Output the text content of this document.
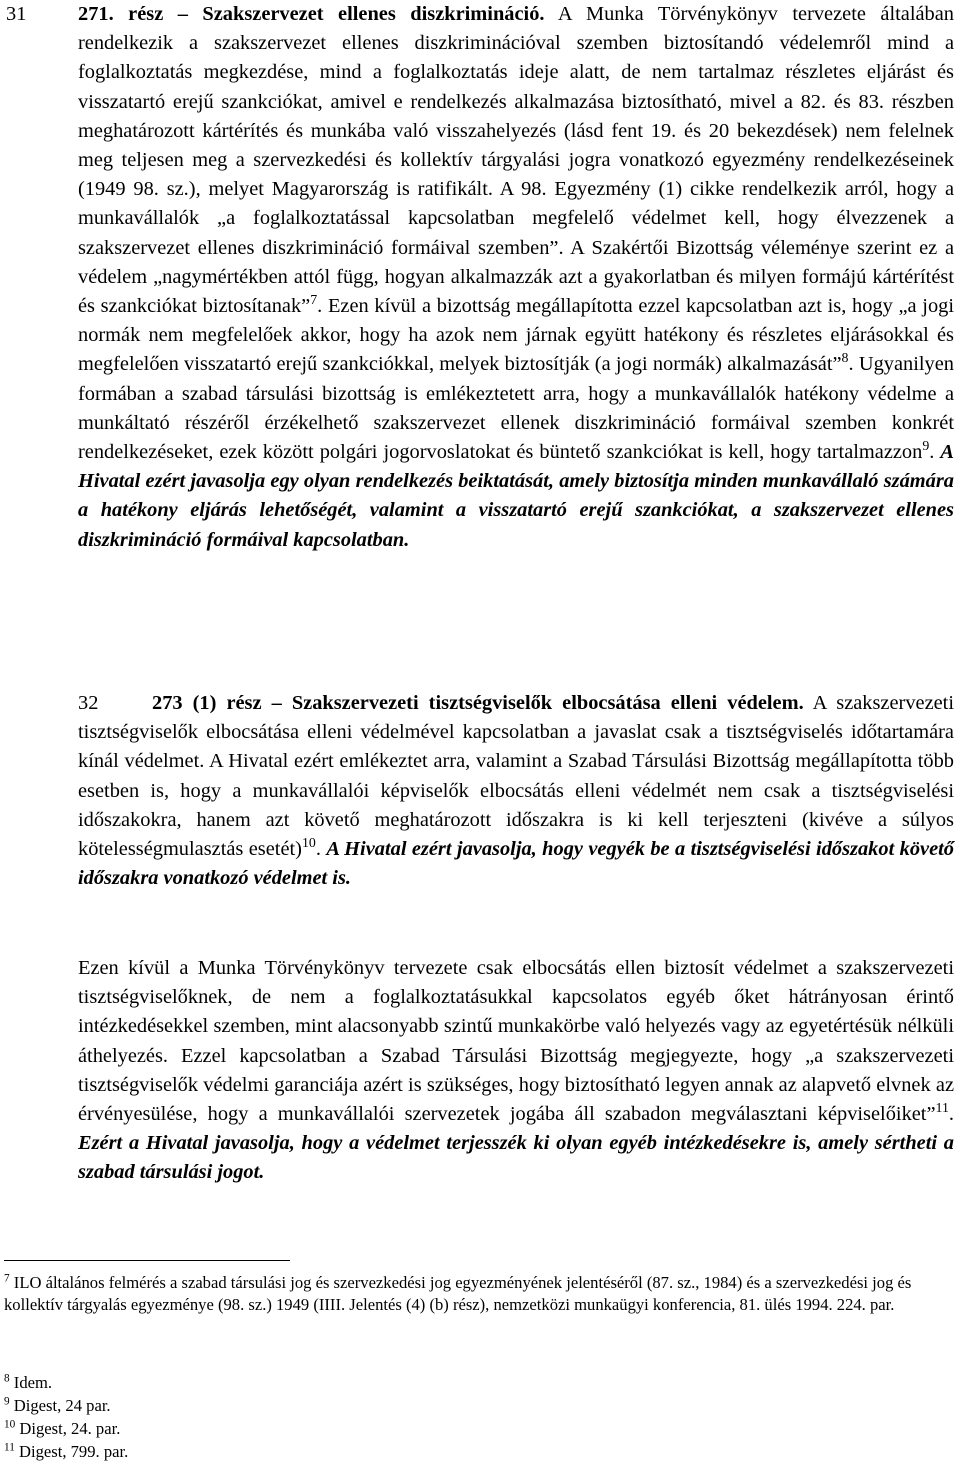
31	271. rész – Szakszervezet ellenes diszkrimináció. A Munka Törvénykönyv tervezete általában rendelkezik a szakszervezet ellenes diszkriminációval szemben biztosítandó védelemről mind a foglalkoztatás megkezdése, mind a foglalkoztatás ideje alatt, de nem tartalmaz részletes eljárást és visszatartó erejű szankciókat, amivel e rendelkezés alkalmazása biztosítható, mivel a 82. és 83. részben meghatározott kártérítés és munkába való visszahelyezés (lásd fent 19. és 20 bekezdések) nem felelnek meg teljesen meg a szervezkedési és kollektív tárgyalási jogra vonatkozó egyezmény rendelkezéseinek (1949 98. sz.), melyet Magyarország is ratifikált. A 98. Egyezmény (1) cikke rendelkezik arról, hogy a munkavállalók „a foglalkoztatással kapcsolatban megfelelő védelmet kell, hogy élvezzenek a szakszervezet ellenes diszkrimináció formáival szemben”. A Szakértői Bizottság véleménye szerint ez a védelem „nagymértékben attól függ, hogyan alkalmazzák azt a gyakorlatban és milyen formájú kártérítést és szankciókat biztosítanak”$^7$. Ezen kívül a bizottság megállapította ezzel kapcsolatban azt is, hogy „a jogi normák nem megfelelőek akkor, hogy ha azok nem járnak együtt hatékony és részletes eljárásokkal és megfelelően visszatartó erejű szankciókkal, melyek biztosítják (a jogi normák) alkalmazását”$^8$. Ugyanilyen formában a szabad társulási bizottság is emlékeztetett arra, hogy a munkavállalók hatékony védelme a munkáltató részéről érzékelhető szakszervezet ellenek diszkrimináció formáival szemben konkrét rendelkezéseket, ezek között polgári jogorvoslatokat és büntető szankciókat is kell, hogy tartalmazzon$^9$. A Hivatal ezért javasolja egy olyan rendelkezés beiktatását, amely biztosítja minden munkavállaló számára a hatékony eljárás lehetőségét, valamint a visszatartó erejű szankciókat, a szakszervezet ellenes diszkrimináció formáival kapcsolatban.
32	273 (1) rész – Szakszervezeti tisztségviselők elbocsátása elleni védelem. A szakszervezeti tisztségviselők elbocsátása elleni védelmével kapcsolatban a javaslat csak a tisztségviselés időtartamára kínál védelmet. A Hivatal ezért emlékeztet arra, valamint a Szabad Társulási Bizottság megállapította több esetben is, hogy a munkavállalói képviselők elbocsátás elleni védelmét nem csak a tisztségviselési időszakokra, hanem azt követő meghatározott időszakra is ki kell terjeszteni (kivéve a súlyos kötelességmulasztás esetét)$^{10}$. A Hivatal ezért javasolja, hogy vegyék be a tisztségviselési időszakot követő időszakra vonatkozó védelmet is.
Ezen kívül a Munka Törvénykönyv tervezete csak elbocsátás ellen biztosít védelmet a szakszervezeti tisztségviselőknek, de nem a foglalkoztatásukkal kapcsolatos egyéb őket hátrányosan érintő intézkedésekkel szemben, mint alacsonyabb szintű munkakörbe való helyezés vagy az egyetértésük nélküli áthelyezés. Ezzel kapcsolatban a Szabad Társulási Bizottság megjegyezte, hogy „a szakszervezeti tisztségviselők védelmi garanciája azért is szükséges, hogy biztosítható legyen annak az alapvető elvnek az érvényesülése, hogy a munkavállalói szervezetek jogába áll szabadon megválasztani képviselőiket”$^{11}$. Ezért a Hivatal javasolja, hogy a védelmet terjesszék ki olyan egyéb intézkedésekre is, amely sértheti a szabad társulási jogot.
$^7$ ILO általános felmérés a szabad társulási jog és szervezkedési jog egyezményének jelentéséről (87. sz., 1984) és a szervezkedési jog és kollektív tárgyalás egyezménye (98. sz.) 1949 (IIII. Jelentés (4) (b) rész), nemzetközi munkaügyi konferencia, 81. ülés 1994. 224. par.
$^8$ Idem.
$^9$ Digest, 24 par.
$^{10}$ Digest, 24. par.
$^{11}$ Digest, 799. par.
